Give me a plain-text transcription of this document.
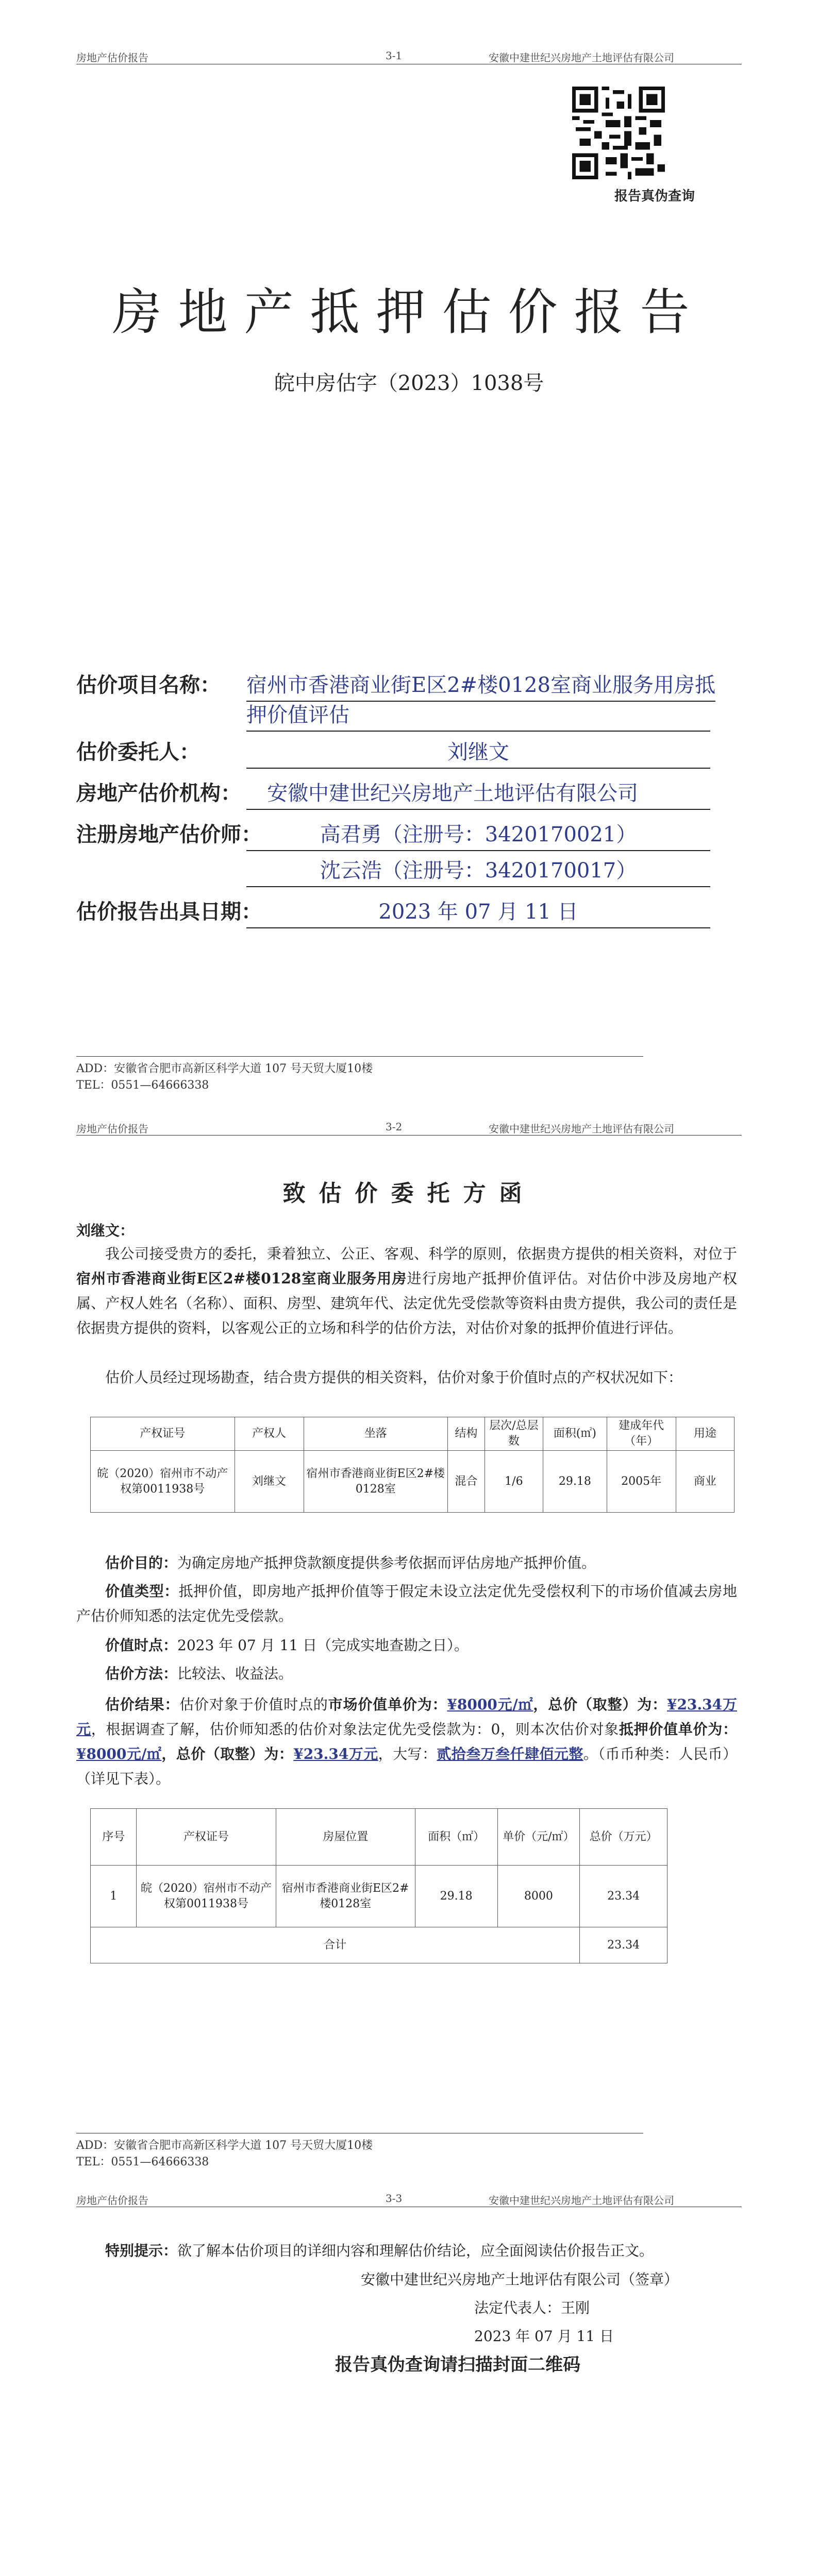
房地产估价报告	3-1	安徽中建世纪兴房地产土地评估有限公司
报告真伪查询
房地产抵押估价报告
皖中房估字（2023）1038号
估价项目名称：	宿州市香港商业街E区2#楼0128室商业服务用房抵
押价值评估
估价委托人：	刘继文
房地产估价机构：	安徽中建世纪兴房地产土地评估有限公司
注册房地产估价师：	高君勇（注册号：3420170021）
沈云浩（注册号：3420170017）
估价报告出具日期：	2023 年 07 月 11 日
ADD：安徽省合肥市高新区科学大道 107 号天贸大厦10楼
TEL：0551—64666338
房地产估价报告	3-2	安徽中建世纪兴房地产土地评估有限公司
致估价委托方函
刘继文：
我公司接受贵方的委托，秉着独立、公正、客观、科学的原则，依据贵方提供的相关资料，对位于宿州市香港商业街E区2#楼0128室商业服务用房进行房地产抵押价值评估。对估价中涉及房地产权属、产权人姓名（名称）、面积、房型、建筑年代、法定优先受偿款等资料由贵方提供，我公司的责任是依据贵方提供的资料，以客观公正的立场和科学的估价方法，对估价对象的抵押价值进行评估。
估价人员经过现场勘查，结合贵方提供的相关资料，估价对象于价值时点的产权状况如下：
产权证号	产权人	坐落	结构	层次/总层数	面积(㎡)	建成年代（年）	用途
皖（2020）宿州市不动产权第0011938号	刘继文	宿州市香港商业街E区2#楼0128室	混合	1/6	29.18	2005年	商业
估价目的：为确定房地产抵押贷款额度提供参考依据而评估房地产抵押价值。
价值类型：抵押价值，即房地产抵押价值等于假定未设立法定优先受偿权利下的市场价值减去房地产估价师知悉的法定优先受偿款。
价值时点：2023 年 07 月 11 日（完成实地查勘之日）。
估价方法：比较法、收益法。
估价结果：估价对象于价值时点的市场价值单价为：¥8000元/㎡，总价（取整）为：¥23.34万元，根据调查了解，估价师知悉的估价对象法定优先受偿款为：0，则本次估价对象抵押价值单价为：¥8000元/㎡，总价（取整）为：¥23.34万元，大写：贰拾叁万叁仟肆佰元整。（币币种类：人民币）（详见下表）。
序号	产权证号	房屋位置	面积（㎡）	单价（元/㎡）	总价（万元）
1	皖（2020）宿州市不动产权第0011938号	宿州市香港商业街E区2#楼0128室	29.18	8000	23.34
合计					23.34
ADD：安徽省合肥市高新区科学大道 107 号天贸大厦10楼
TEL：0551—64666338
房地产估价报告	3-3	安徽中建世纪兴房地产土地评估有限公司
特别提示：欲了解本估价项目的详细内容和理解估价结论，应全面阅读估价报告正文。
安徽中建世纪兴房地产土地评估有限公司（签章）
法定代表人：王刚
2023 年 07 月 11 日
报告真伪查询请扫描封面二维码
